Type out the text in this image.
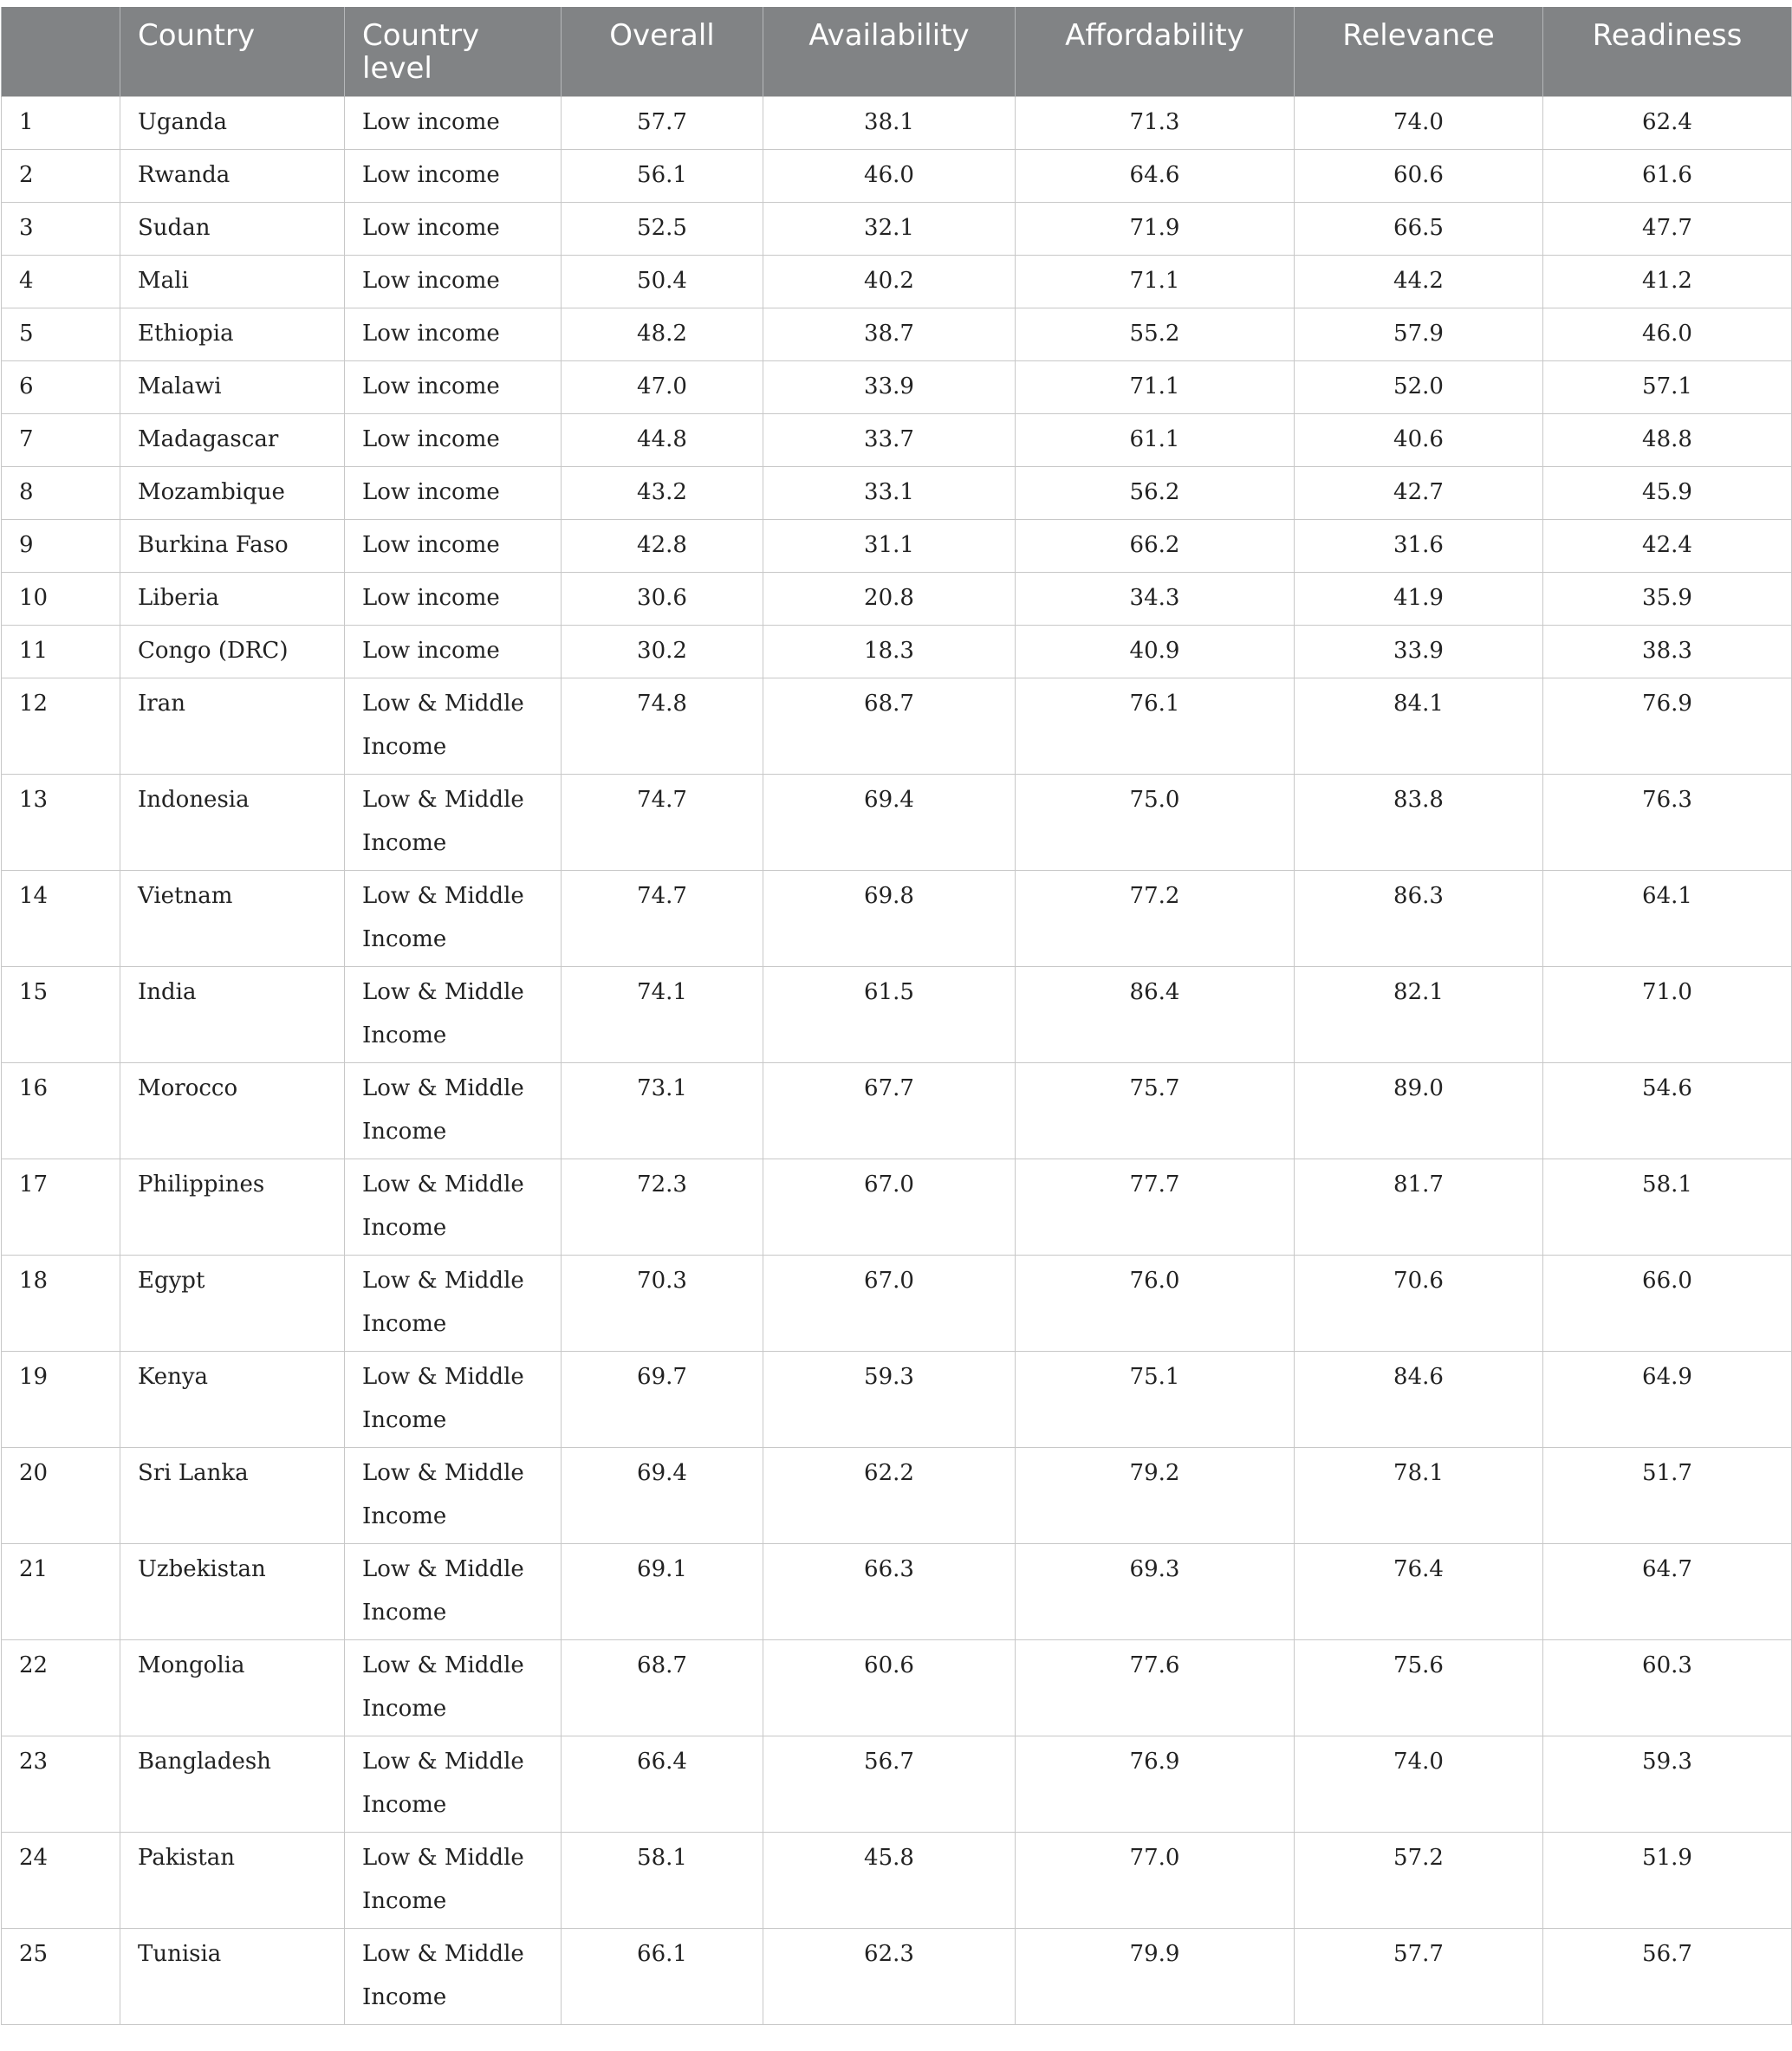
	Country	Country level	Overall	Availability	Affordability	Relevance	Readiness
1	Uganda	Low income	57.7	38.1	71.3	74.0	62.4
2	Rwanda	Low income	56.1	46.0	64.6	60.6	61.6
3	Sudan	Low income	52.5	32.1	71.9	66.5	47.7
4	Mali	Low income	50.4	40.2	71.1	44.2	41.2
5	Ethiopia	Low income	48.2	38.7	55.2	57.9	46.0
6	Malawi	Low income	47.0	33.9	71.1	52.0	57.1
7	Madagascar	Low income	44.8	33.7	61.1	40.6	48.8
8	Mozambique	Low income	43.2	33.1	56.2	42.7	45.9
9	Burkina Faso	Low income	42.8	31.1	66.2	31.6	42.4
10	Liberia	Low income	30.6	20.8	34.3	41.9	35.9
11	Congo (DRC)	Low income	30.2	18.3	40.9	33.9	38.3
12	Iran	Low & Middle Income	74.8	68.7	76.1	84.1	76.9
13	Indonesia	Low & Middle Income	74.7	69.4	75.0	83.8	76.3
14	Vietnam	Low & Middle Income	74.7	69.8	77.2	86.3	64.1
15	India	Low & Middle Income	74.1	61.5	86.4	82.1	71.0
16	Morocco	Low & Middle Income	73.1	67.7	75.7	89.0	54.6
17	Philippines	Low & Middle Income	72.3	67.0	77.7	81.7	58.1
18	Egypt	Low & Middle Income	70.3	67.0	76.0	70.6	66.0
19	Kenya	Low & Middle Income	69.7	59.3	75.1	84.6	64.9
20	Sri Lanka	Low & Middle Income	69.4	62.2	79.2	78.1	51.7
21	Uzbekistan	Low & Middle Income	69.1	66.3	69.3	76.4	64.7
22	Mongolia	Low & Middle Income	68.7	60.6	77.6	75.6	60.3
23	Bangladesh	Low & Middle Income	66.4	56.7	76.9	74.0	59.3
24	Pakistan	Low & Middle Income	58.1	45.8	77.0	57.2	51.9
25	Tunisia	Low & Middle Income	66.1	62.3	79.9	57.7	56.7
